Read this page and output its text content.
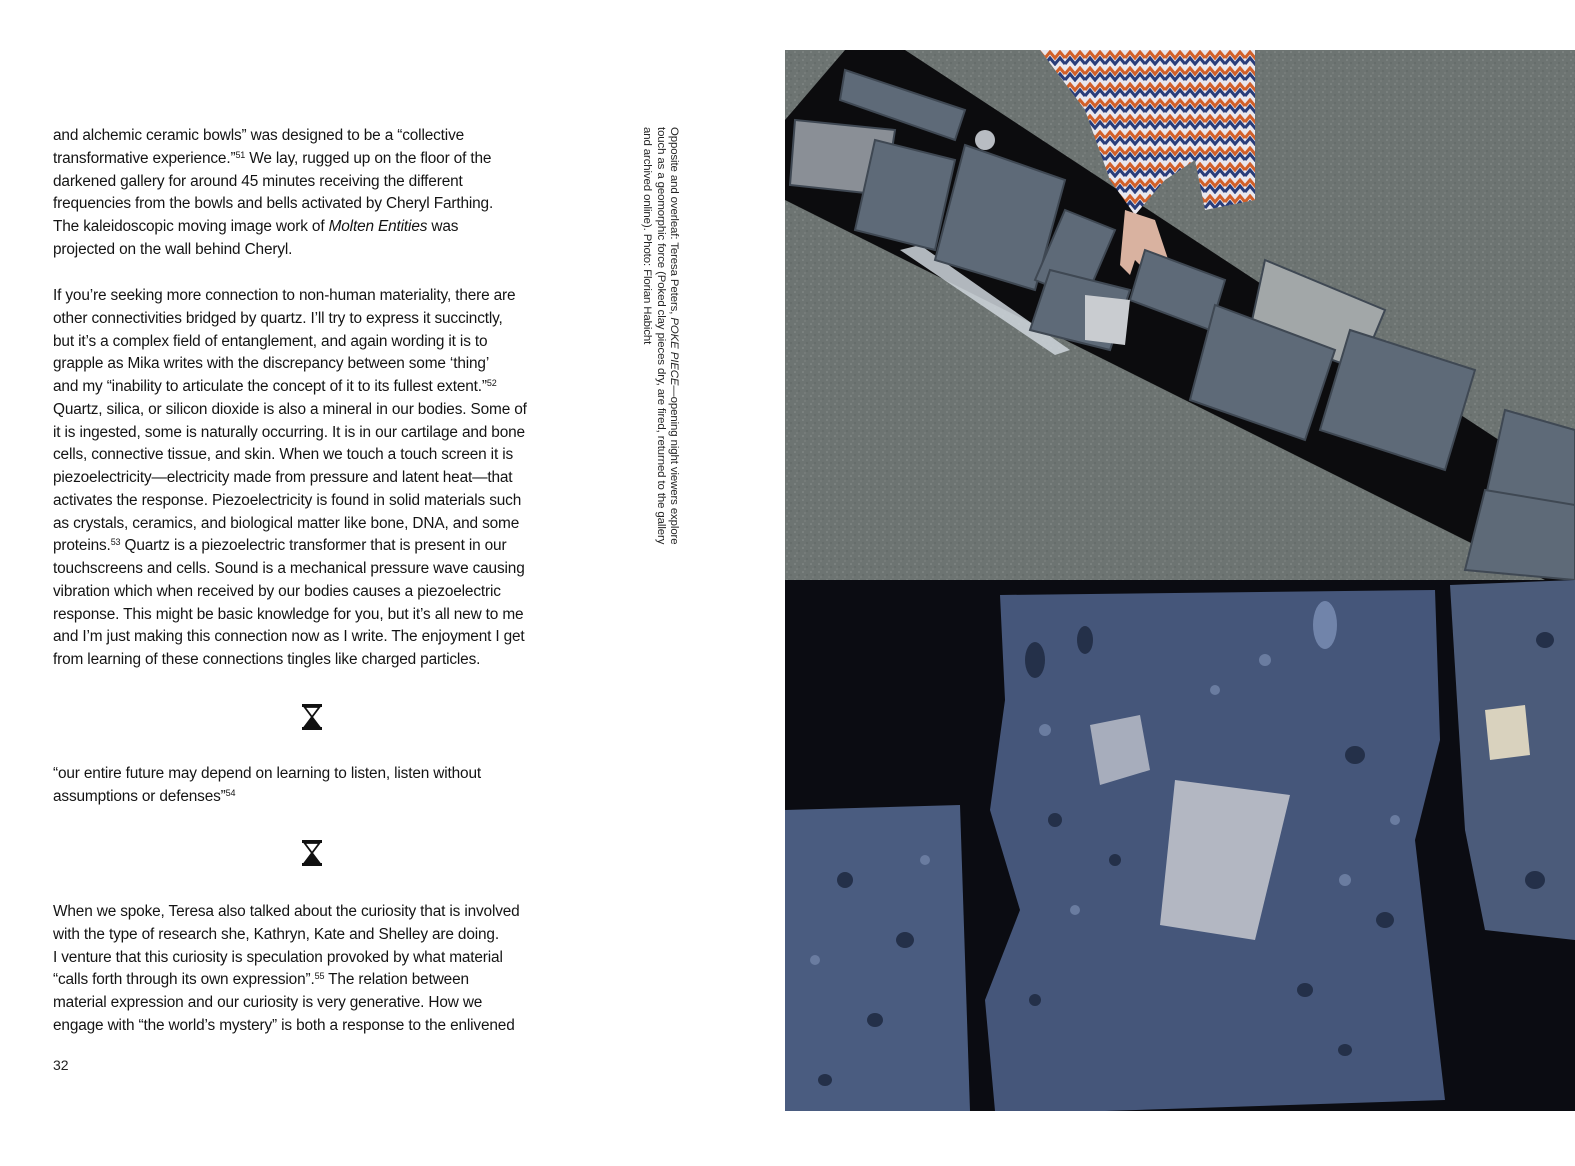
and alchemic ceramic bowls” was designed to be a “collective
transformative experience.”$^{51}$ We lay, rugged up on the floor of the
darkened gallery for around 45 minutes receiving the different
frequencies from the bowls and bells activated by Cheryl Farthing.
The kaleidoscopic moving image work of Molten Entities was
projected on the wall behind Cheryl.

If you’re seeking more connection to non-human materiality, there are
other connectivities bridged by quartz. I’ll try to express it succinctly,
but it’s a complex field of entanglement, and again wording it is to
grapple as Mika writes with the discrepancy between some ‘thing’
and my “inability to articulate the concept of it to its fullest extent.”$^{52}$
Quartz, silica, or silicon dioxide is also a mineral in our bodies. Some of
it is ingested, some is naturally occurring. It is in our cartilage and bone
cells, connective tissue, and skin. When we touch a touch screen it is
piezoelectricity—electricity made from pressure and latent heat—that
activates the response. Piezoelectricity is found in solid materials such
as crystals, ceramics, and biological matter like bone, DNA, and some
proteins.$^{53}$ Quartz is a piezoelectric transformer that is present in our
touchscreens and cells. Sound is a mechanical pressure wave causing
vibration which when received by our bodies causes a piezoelectric
response. This might be basic knowledge for you, but it’s all new to me
and I’m just making this connection now as I write. The enjoyment I get
from learning of these connections tingles like charged particles.

“our entire future may depend on learning to listen, listen without
assumptions or defenses”$^{54}$

When we spoke, Teresa also talked about the curiosity that is involved
with the type of research she, Kathryn, Kate and Shelley are doing.
I venture that this curiosity is speculation provoked by what material
“calls forth through its own expression”.$^{55}$ The relation between
material expression and our curiosity is very generative. How we
engage with “the world’s mystery” is both a response to the enlivened

32
Opposite and overleaf: Teresa Peters, POKE PIECE—opening night viewers explore touch as a geomorphic force (Poked clay pieces dry, are fired, returned to the gallery and archived online). Photo: Florian Habicht
